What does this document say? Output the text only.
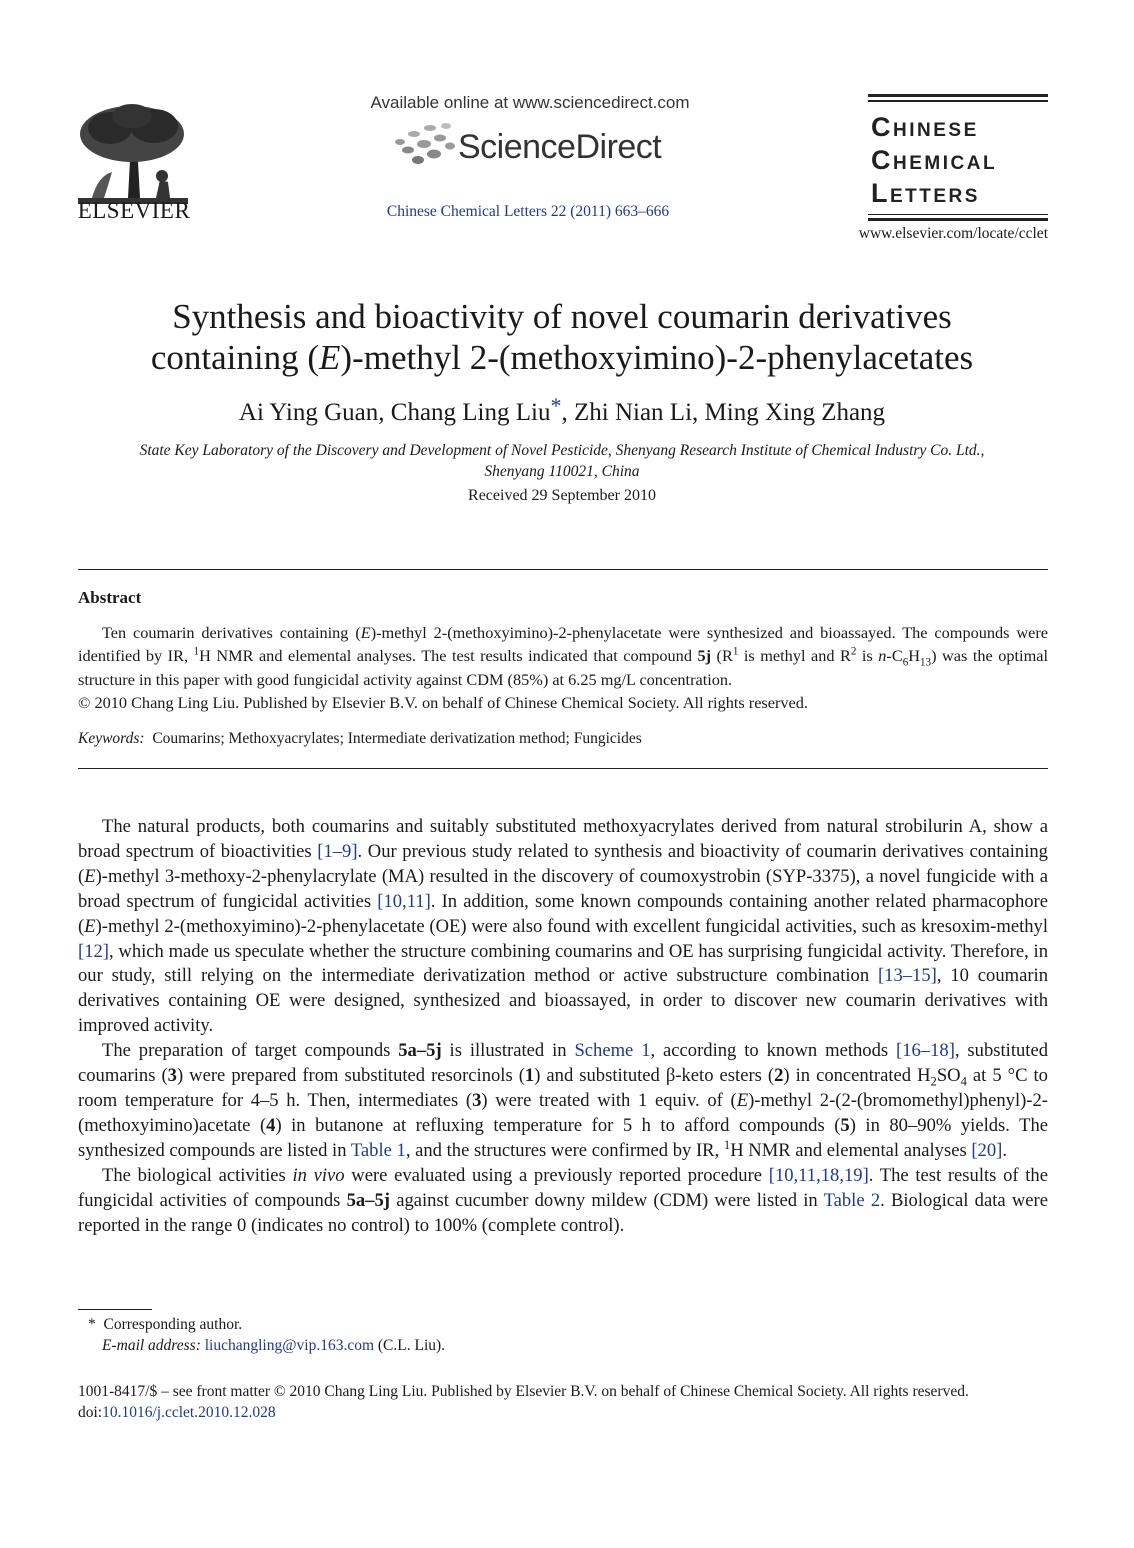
ELSEVIER
Available online at www.sciencedirect.com
ScienceDirect
Chinese Chemical Letters 22 (2011) 663–666
Chinese
Chemical
Letters
www.elsevier.com/locate/cclet
Synthesis and bioactivity of novel coumarin derivatives
containing (E)-methyl 2-(methoxyimino)-2-phenylacetates
Ai Ying Guan, Chang Ling Liu*, Zhi Nian Li, Ming Xing Zhang
State Key Laboratory of the Discovery and Development of Novel Pesticide, Shenyang Research Institute of Chemical Industry Co. Ltd.,
Shenyang 110021, China
Received 29 September 2010
Abstract
Ten coumarin derivatives containing (E)-methyl 2-(methoxyimino)-2-phenylacetate were synthesized and bioassayed. The compounds were identified by IR, $^1$H NMR and elemental analyses. The test results indicated that compound 5j ($R^1$ is methyl and $R^2$ is $n-C_6H_{13}$) was the optimal structure in this paper with good fungicidal activity against CDM (85%) at 6.25 mg/L concentration.
© 2010 Chang Ling Liu. Published by Elsevier B.V. on behalf of Chinese Chemical Society. All rights reserved.
Keywords: Coumarins; Methoxyacrylates; Intermediate derivatization method; Fungicides

The natural products, both coumarins and suitably substituted methoxyacrylates derived from natural strobilurin A, show a broad spectrum of bioactivities [1–9]. Our previous study related to synthesis and bioactivity of coumarin derivatives containing (E)-methyl 3-methoxy-2-phenylacrylate (MA) resulted in the discovery of coumoxystrobin (SYP-3375), a novel fungicide with a broad spectrum of fungicidal activities [10,11]. In addition, some known compounds containing another related pharmacophore (E)-methyl 2-(methoxyimino)-2-phenylacetate (OE) were also found with excellent fungicidal activities, such as kresoxim-methyl [12], which made us speculate whether the structure combining coumarins and OE has surprising fungicidal activity. Therefore, in our study, still relying on the intermediate derivatization method or active substructure combination [13–15], 10 coumarin derivatives containing OE were designed, synthesized and bioassayed, in order to discover new coumarin derivatives with improved activity.

The preparation of target compounds 5a–5j is illustrated in Scheme 1, according to known methods [16–18], substituted coumarins (3) were prepared from substituted resorcinols (1) and substituted β-keto esters (2) in concentrated $H_2SO_4$ at 5 °C to room temperature for 4–5 h. Then, intermediates (3) were treated with 1 equiv. of (E)-methyl 2-(2-(bromomethyl)phenyl)-2-(methoxyimino)acetate (4) in butanone at refluxing temperature for 5 h to afford compounds (5) in 80–90% yields. The synthesized compounds are listed in Table 1, and the structures were confirmed by IR, $^1$H NMR and elemental analyses [20].

The biological activities in vivo were evaluated using a previously reported procedure [10,11,18,19]. The test results of the fungicidal activities of compounds 5a–5j against cucumber downy mildew (CDM) were listed in Table 2. Biological data were reported in the range 0 (indicates no control) to 100% (complete control).

* Corresponding author.
E-mail address: liuchangling@vip.163.com (C.L. Liu).
1001-8417/$ – see front matter © 2010 Chang Ling Liu. Published by Elsevier B.V. on behalf of Chinese Chemical Society. All rights reserved.
doi:10.1016/j.cclet.2010.12.028
